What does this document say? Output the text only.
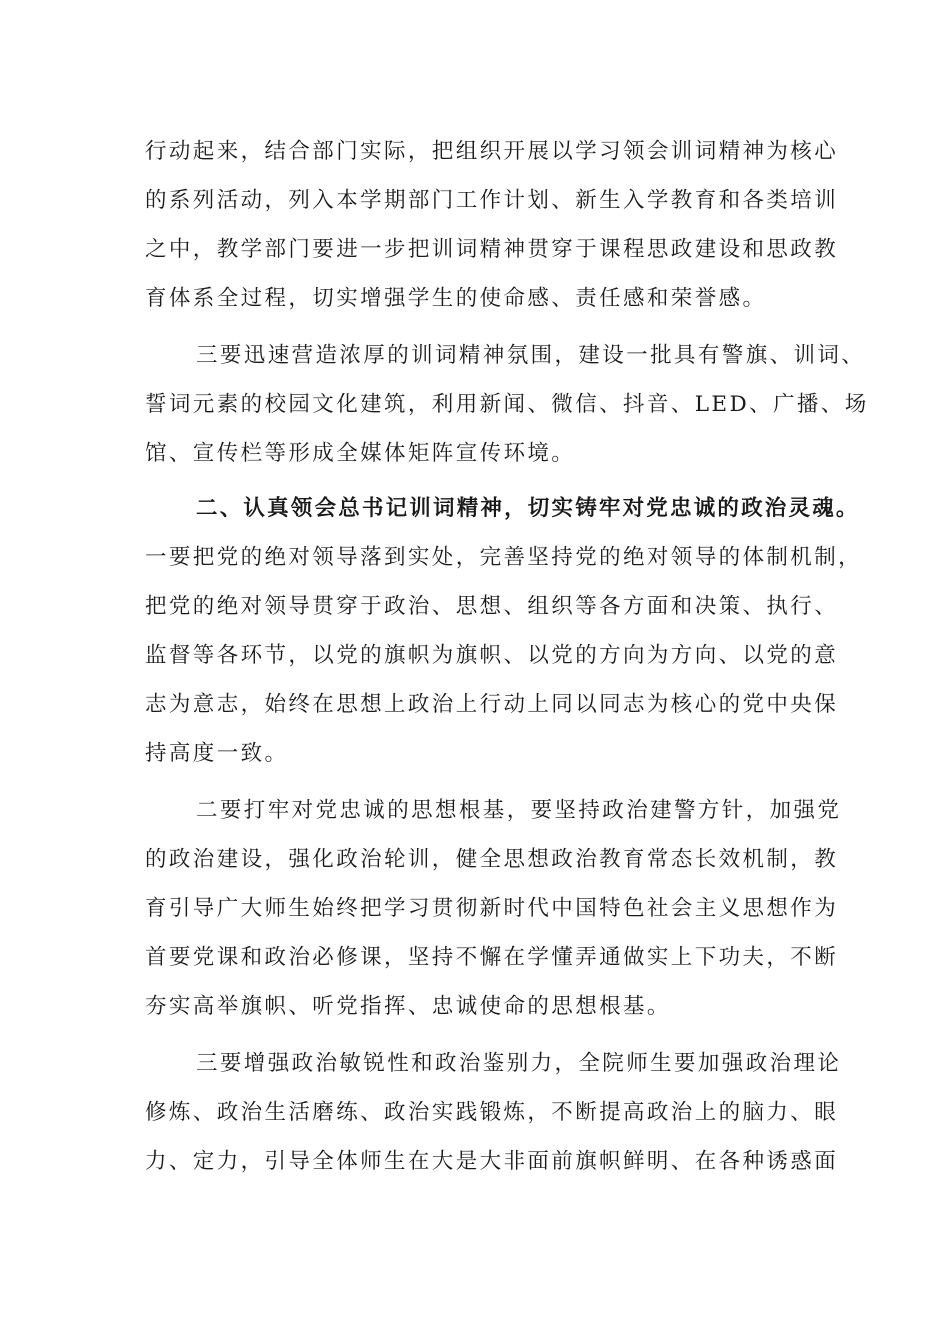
行动起来，结合部门实际，把组织开展以学习领会训词精神为核心
的系列活动，列入本学期部门工作计划、新生入学教育和各类培训
之中，教学部门要进一步把训词精神贯穿于课程思政建设和思政教
育体系全过程，切实增强学生的使命感、责任感和荣誉感。
三要迅速营造浓厚的训词精神氛围，建设一批具有警旗、训词、
誓词元素的校园文化建筑，利用新闻、微信、抖音、LED、广播、场
馆、宣传栏等形成全媒体矩阵宣传环境。
二、认真领会总书记训词精神，切实铸牢对党忠诚的政治灵魂。
一要把党的绝对领导落到实处，完善坚持党的绝对领导的体制机制，
把党的绝对领导贯穿于政治、思想、组织等各方面和决策、执行、
监督等各环节，以党的旗帜为旗帜、以党的方向为方向、以党的意
志为意志，始终在思想上政治上行动上同以同志为核心的党中央保
持高度一致。
二要打牢对党忠诚的思想根基，要坚持政治建警方针，加强党
的政治建设，强化政治轮训，健全思想政治教育常态长效机制，教
育引导广大师生始终把学习贯彻新时代中国特色社会主义思想作为
首要党课和政治必修课，坚持不懈在学懂弄通做实上下功夫，不断
夯实高举旗帜、听党指挥、忠诚使命的思想根基。
三要增强政治敏锐性和政治鉴别力，全院师生要加强政治理论
修炼、政治生活磨练、政治实践锻炼，不断提高政治上的脑力、眼
力、定力，引导全体师生在大是大非面前旗帜鲜明、在各种诱惑面
